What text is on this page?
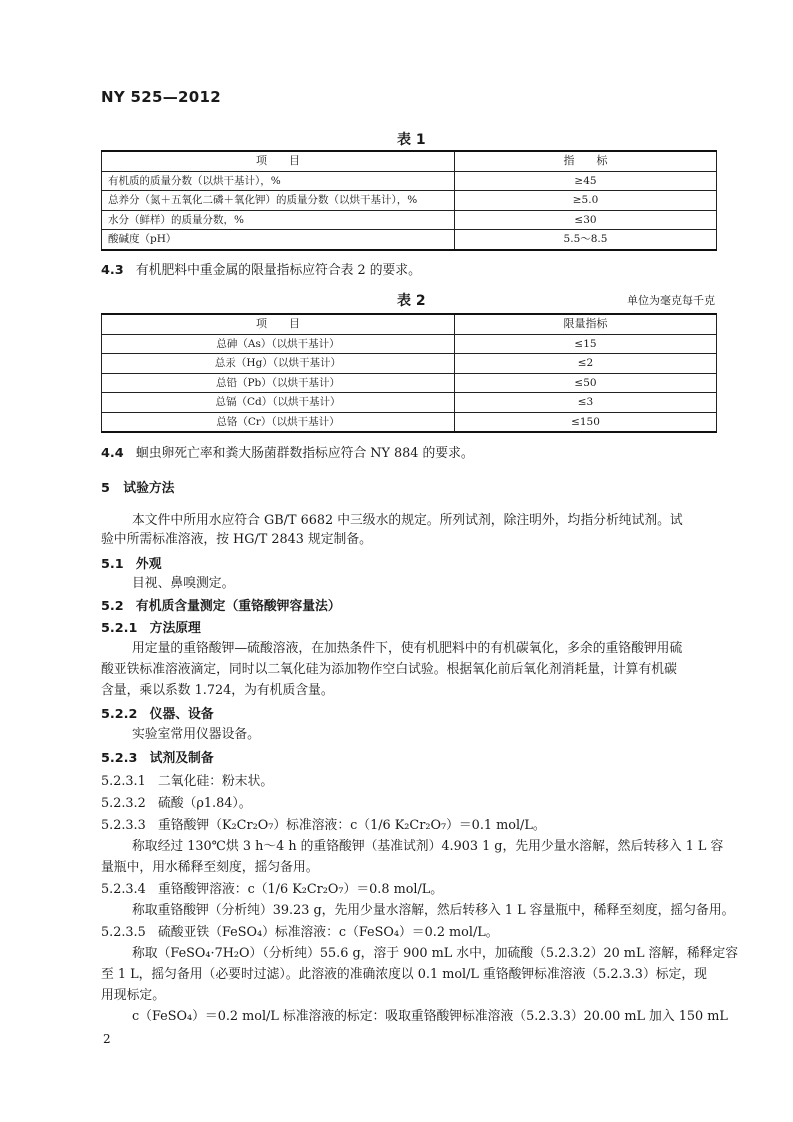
NY 525—2012
表 1
项　　目	指　　标
有机质的质量分数（以烘干基计），%	≥45
总养分（氮＋五氧化二磷＋氧化钾）的质量分数（以烘干基计），%	≥5.0
水分（鲜样）的质量分数，%	≤30
酸碱度（pH）	5.5～8.5
4.3 有机肥料中重金属的限量指标应符合表 2 的要求。
表 2	单位为毫克每千克
项　　目	限量指标
总砷（As）（以烘干基计）	≤15
总汞（Hg）（以烘干基计）	≤2
总铅（Pb）（以烘干基计）	≤50
总镉（Cd）（以烘干基计）	≤3
总铬（Cr）（以烘干基计）	≤150
4.4 蛔虫卵死亡率和粪大肠菌群数指标应符合 NY 884 的要求。
5 试验方法
本文件中所用水应符合 GB/T 6682 中三级水的规定。所列试剂，除注明外，均指分析纯试剂。试
验中所需标准溶液，按 HG/T 2843 规定制备。
5.1 外观
目视、鼻嗅测定。
5.2 有机质含量测定（重铬酸钾容量法）
5.2.1 方法原理
用定量的重铬酸钾—硫酸溶液，在加热条件下，使有机肥料中的有机碳氧化，多余的重铬酸钾用硫
酸亚铁标准溶液滴定，同时以二氧化硅为添加物作空白试验。根据氧化前后氧化剂消耗量，计算有机碳
含量，乘以系数 1.724，为有机质含量。
5.2.2 仪器、设备
实验室常用仪器设备。
5.2.3 试剂及制备
5.2.3.1 二氧化硅：粉末状。
5.2.3.2 硫酸（ρ1.84）。
5.2.3.3 重铬酸钾（K₂Cr₂O₇）标准溶液：c（1/6 K₂Cr₂O₇）＝0.1 mol/L。
称取经过 130℃烘 3 h～4 h 的重铬酸钾（基准试剂）4.903 1 g，先用少量水溶解，然后转移入 1 L 容
量瓶中，用水稀释至刻度，摇匀备用。
5.2.3.4 重铬酸钾溶液：c（1/6 K₂Cr₂O₇）＝0.8 mol/L。
称取重铬酸钾（分析纯）39.23 g，先用少量水溶解，然后转移入 1 L 容量瓶中，稀释至刻度，摇匀备用。
5.2.3.5 硫酸亚铁（FeSO₄）标准溶液：c（FeSO₄）＝0.2 mol/L。
称取（FeSO₄·7H₂O）（分析纯）55.6 g，溶于 900 mL 水中，加硫酸（5.2.3.2）20 mL 溶解，稀释定容
至 1 L，摇匀备用（必要时过滤）。此溶液的准确浓度以 0.1 mol/L 重铬酸钾标准溶液（5.2.3.3）标定，现
用现标定。
c（FeSO₄）＝0.2 mol/L 标准溶液的标定：吸取重铬酸钾标准溶液（5.2.3.3）20.00 mL 加入 150 mL
2
